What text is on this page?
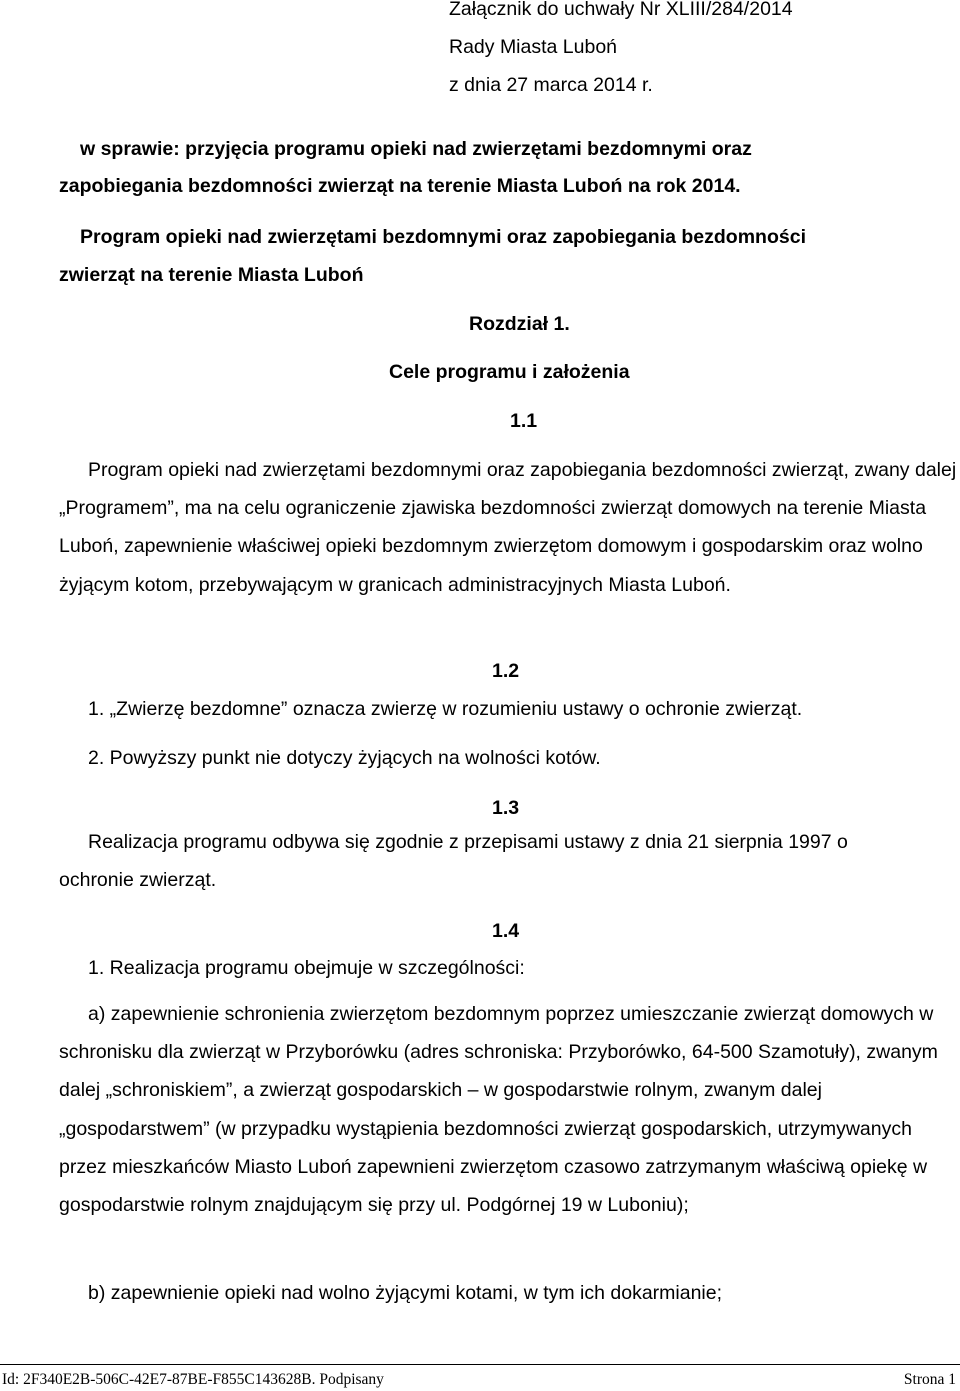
Załącznik do uchwały Nr XLIII/284/2014
Rady Miasta Luboń
z dnia 27 marca 2014 r.
w sprawie: przyjęcia programu opieki nad zwierzętami bezdomnymi oraz
zapobiegania bezdomności zwierząt na terenie Miasta Luboń na rok 2014.
Program opieki nad zwierzętami bezdomnymi oraz zapobiegania bezdomności
zwierząt na terenie Miasta Luboń
Rozdział 1.
Cele programu i założenia
1.1
Program opieki nad zwierzętami bezdomnymi oraz zapobiegania bezdomności zwierząt, zwany dalej „Programem”, ma na celu ograniczenie zjawiska bezdomności zwierząt domowych na terenie Miasta Luboń, zapewnienie właściwej opieki bezdomnym zwierzętom domowym i gospodarskim oraz wolno żyjącym kotom, przebywającym w granicach administracyjnych Miasta Luboń.
1.2
1. „Zwierzę bezdomne” oznacza zwierzę w rozumieniu ustawy o ochronie zwierząt.
2. Powyższy punkt nie dotyczy żyjących na wolności kotów.
1.3
Realizacja programu odbywa się zgodnie z przepisami ustawy z dnia 21 sierpnia 1997 o ochronie zwierząt.
1.4
1. Realizacja programu obejmuje w szczególności:
a) zapewnienie schronienia zwierzętom bezdomnym poprzez umieszczanie zwierząt domowych w schronisku dla zwierząt w Przyborówku (adres schroniska: Przyborówko, 64-500 Szamotuły), zwanym dalej „schroniskiem”, a zwierząt gospodarskich – w gospodarstwie rolnym, zwanym dalej „gospodarstwem” (w przypadku wystąpienia bezdomności zwierząt gospodarskich, utrzymywanych przez mieszkańców Miasto Luboń zapewnieni zwierzętom czasowo zatrzymanym właściwą opiekę w gospodarstwie rolnym znajdującym się przy ul. Podgórnej 19 w Luboniu);
b) zapewnienie opieki nad wolno żyjącymi kotami, w tym ich dokarmianie;
Id: 2F340E2B-506C-42E7-87BE-F855C143628B. Podpisany	Strona 1
